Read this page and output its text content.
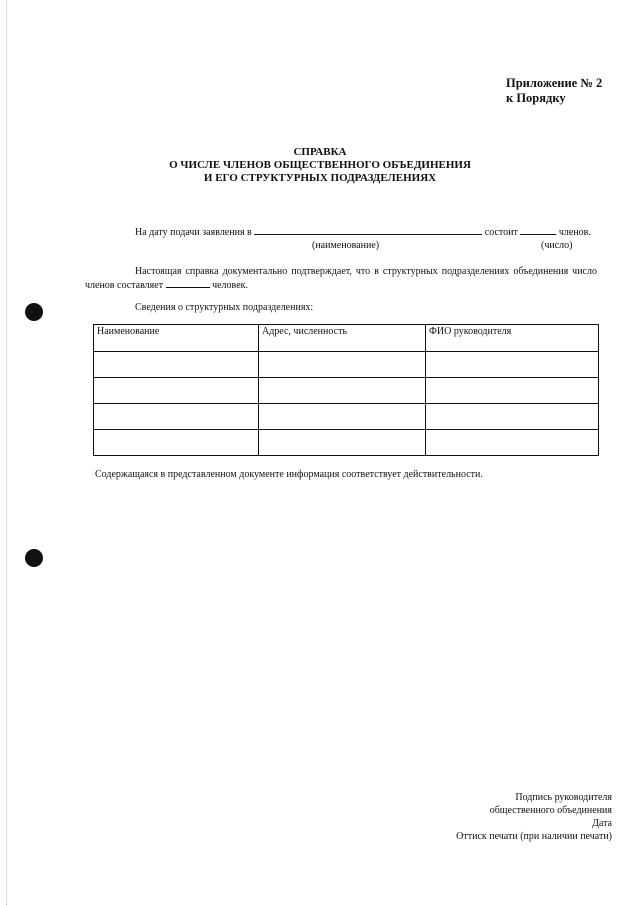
Приложение № 2
к Порядку
СПРАВКА
О ЧИСЛЕ ЧЛЕНОВ ОБЩЕСТВЕННОГО ОБЪЕДИНЕНИЯ
И ЕГО СТРУКТУРНЫХ ПОДРАЗДЕЛЕНИЯХ
На дату подачи заявления в	состоит	членов.
(наименование)	(число)
Настоящая справка документально подтверждает, что в структурных подразделениях объединения число членов составляет	человек.
Сведения о структурных подразделениях:
Наименование	Адрес, численность	ФИО руководителя

Содержащаяся в представленном документе информация соответствует действительности.
Подпись руководителя
общественного объединения
Дата
Оттиск печати (при наличии печати)
